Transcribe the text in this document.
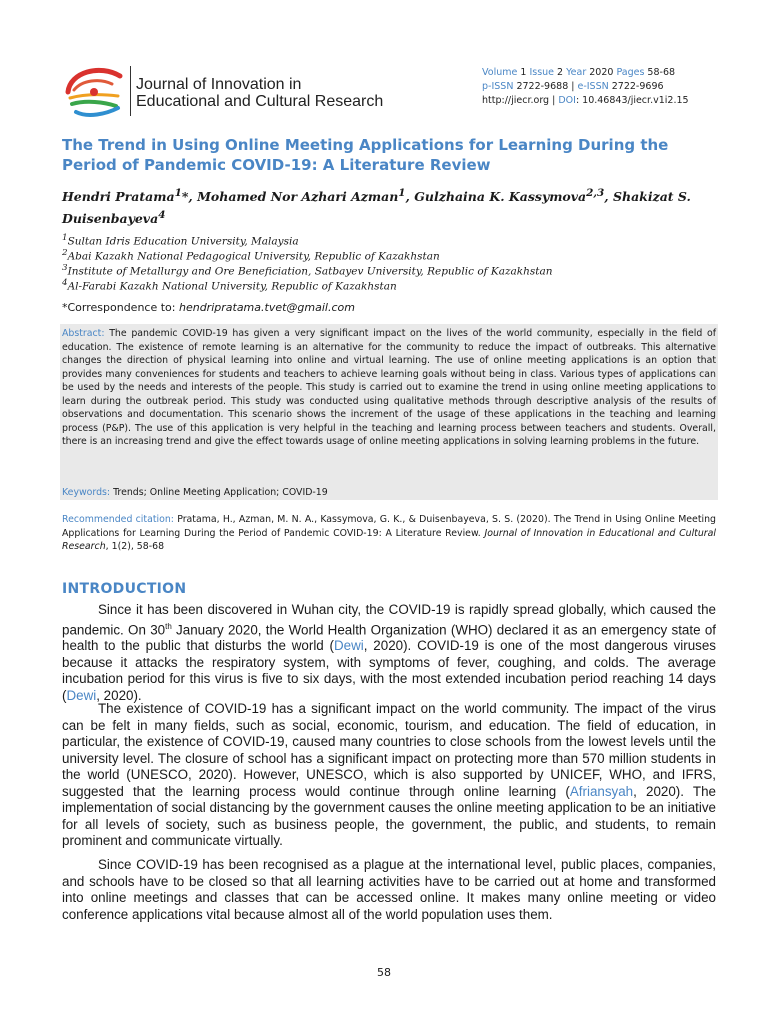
Journal of Innovation in
Educational and Cultural Research
Volume 1 Issue 2 Year 2020 Pages 58-68
p-ISSN 2722-9688 | e-ISSN 2722-9696
http://jiecr.org | DOI: 10.46843/jiecr.v1i2.15
The Trend in Using Online Meeting Applications for Learning During the Period of Pandemic COVID-19: A Literature Review
Hendri Pratama$^1$*, Mohamed Nor Azhari Azman$^1$, Gulzhaina K. Kassymova$^{2,3}$, Shakizat S. Duisenbayeva$^4$
$^1$Sultan Idris Education University, Malaysia
$^2$Abai Kazakh National Pedagogical University, Republic of Kazakhstan
$^3$Institute of Metallurgy and Ore Beneficiation, Satbayev University, Republic of Kazakhstan
$^4$Al-Farabi Kazakh National University, Republic of Kazakhstan
*Correspondence to: hendripratama.tvet@gmail.com
Abstract: The pandemic COVID-19 has given a very significant impact on the lives of the world community, especially in the field of education. The existence of remote learning is an alternative for the community to reduce the impact of outbreaks. This alternative changes the direction of physical learning into online and virtual learning. The use of online meeting applications is an option that provides many conveniences for students and teachers to achieve learning goals without being in class. Various types of applications can be used by the needs and interests of the people. This study is carried out to examine the trend in using online meeting applications to learn during the outbreak period. This study was conducted using qualitative methods through descriptive analysis of the results of observations and documentation. This scenario shows the increment of the usage of these applications in the teaching and learning process (P&P). The use of this application is very helpful in the teaching and learning process between teachers and students. Overall, there is an increasing trend and give the effect towards usage of online meeting applications in solving learning problems in the future.
Keywords: Trends; Online Meeting Application; COVID-19
Recommended citation: Pratama, H., Azman, M. N. A., Kassymova, G. K., & Duisenbayeva, S. S. (2020). The Trend in Using Online Meeting Applications for Learning During the Period of Pandemic COVID-19: A Literature Review. Journal of Innovation in Educational and Cultural Research, 1(2), 58-68
INTRODUCTION
Since it has been discovered in Wuhan city, the COVID-19 is rapidly spread globally, which caused the pandemic. On 30th January 2020, the World Health Organization (WHO) declared it as an emergency state of health to the public that disturbs the world (Dewi, 2020). COVID-19 is one of the most dangerous viruses because it attacks the respiratory system, with symptoms of fever, coughing, and colds. The average incubation period for this virus is five to six days, with the most extended incubation period reaching 14 days (Dewi, 2020).
The existence of COVID-19 has a significant impact on the world community. The impact of the virus can be felt in many fields, such as social, economic, tourism, and education. The field of education, in particular, the existence of COVID-19, caused many countries to close schools from the lowest levels until the university level. The closure of school has a significant impact on protecting more than 570 million students in the world (UNESCO, 2020). However, UNESCO, which is also supported by UNICEF, WHO, and IFRS, suggested that the learning process would continue through online learning (Afriansyah, 2020). The implementation of social distancing by the government causes the online meeting application to be an initiative for all levels of society, such as business people, the government, the public, and students, to remain prominent and communicate virtually.
Since COVID-19 has been recognised as a plague at the international level, public places, companies, and schools have to be closed so that all learning activities have to be carried out at home and transformed into online meetings and classes that can be accessed online. It makes many online meeting or video conference applications vital because almost all of the world population uses them.
58
